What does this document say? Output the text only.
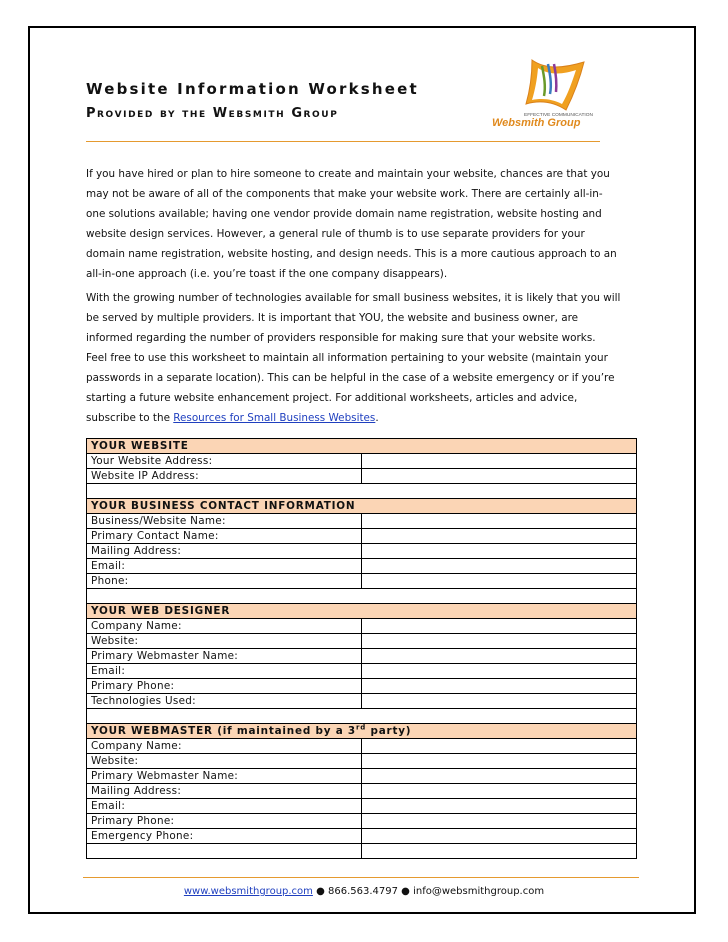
Website Information Worksheet
PROVIDED BY THE WEBSMITH GROUP	EFFECTIVE COMMUNICATION
Websmith Group
If you have hired or plan to hire someone to create and maintain your website, chances are that you
may not be aware of all of the components that make your website work. There are certainly all-in-
one solutions available; having one vendor provide domain name registration, website hosting and
website design services. However, a general rule of thumb is to use separate providers for your
domain name registration, website hosting, and design needs. This is a more cautious approach to an
all-in-one approach (i.e. you’re toast if the one company disappears).
With the growing number of technologies available for small business websites, it is likely that you will
be served by multiple providers. It is important that YOU, the website and business owner, are
informed regarding the number of providers responsible for making sure that your website works.
Feel free to use this worksheet to maintain all information pertaining to your website (maintain your
passwords in a separate location). This can be helpful in the case of a website emergency or if you’re
starting a future website enhancement project. For additional worksheets, articles and advice,
subscribe to the Resources for Small Business Websites.
YOUR WEBSITE	
Your Website Address:	
Website IP Address:	

YOUR BUSINESS CONTACT INFORMATION	
Business/Website Name:	
Primary Contact Name:	
Mailing Address:	
Email:	
Phone:	

YOUR WEB DESIGNER	
Company Name:	
Website:	
Primary Webmaster Name:	
Email:	
Primary Phone:	
Technologies Used:	

YOUR WEBMASTER (if maintained by a 3rd party)	
Company Name:	
Website:	
Primary Webmaster Name:	
Mailing Address:	
Email:	
Primary Phone:	
Emergency Phone:	

www.websmithgroup.com ● 866.563.4797 ● info@websmithgroup.com
